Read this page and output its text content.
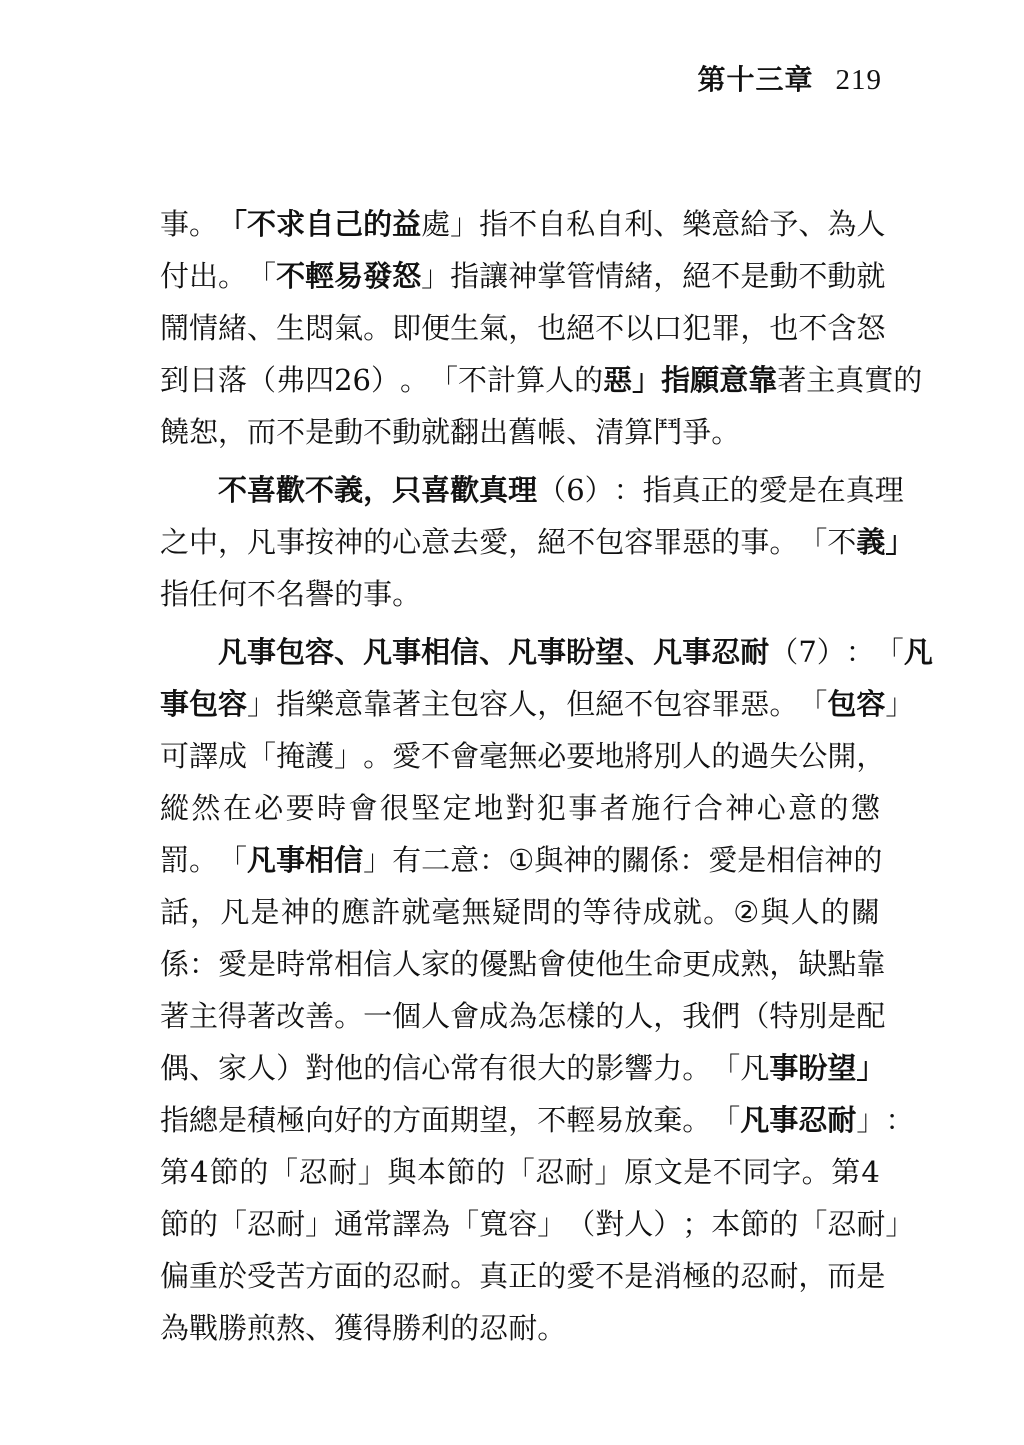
第十三章 219
事 。 「 不 求 自 己 的 益 處 」 指 不 自 私 自 利 、 樂 意 給 予 、 為 人
付 出 。 「 不 輕 易 發 怒 」 指 讓 神 掌 管 情 緒 ， 絕 不 是 動 不 動 就
鬧 情 緒 、 生 悶 氣 。 即 便 生 氣 ， 也 絕 不 以 口 犯 罪 ， 也 不 含 怒
到 日 落 （ 弗 四 2 6 ） 。 「 不 計 算 人 的 惡 」 指 願 意 靠 著 主 真 實 的
饒 恕 ， 而 不 是 動 不 動 就 翻 出 舊 帳 、 清 算 鬥 爭 。
不 喜 歡 不 義 ， 只 喜 歡 真 理 （ 6 ） ： 指 真 正 的 愛 是 在 真 理
之 中 ， 凡 事 按 神 的 心 意 去 愛 ， 絕 不 包 容 罪 惡 的 事 。 「 不 義 」
指 任 何 不 名 譽 的 事 。
凡 事 包 容 、 凡 事 相 信 、 凡 事 盼 望 、 凡 事 忍 耐 （ 7 ） ： 「 凡
事 包 容 」 指 樂 意 靠 著 主 包 容 人 ， 但 絕 不 包 容 罪 惡 。 「 包 容 」
可 譯 成 「 掩 護 」 。 愛 不 會 毫 無 必 要 地 將 別 人 的 過 失 公 開 ，
縱 然 在 必 要 時 會 很 堅 定 地 對 犯 事 者 施 行 合 神 心 意 的 懲
罰 。 「 凡 事 相 信 」 有 二 意 ： ① 與 神 的 關 係 ： 愛 是 相 信 神 的
話 ， 凡 是 神 的 應 許 就 毫 無 疑 問 的 等 待 成 就 。 ② 與 人 的 關
係 ： 愛 是 時 常 相 信 人 家 的 優 點 會 使 他 生 命 更 成 熟 ， 缺 點 靠
著 主 得 著 改 善 。 一 個 人 會 成 為 怎 樣 的 人 ， 我 們 （ 特 別 是 配
偶 、 家 人 ） 對 他 的 信 心 常 有 很 大 的 影 響 力 。 「 凡 事 盼 望 」
指 總 是 積 極 向 好 的 方 面 期 望 ， 不 輕 易 放 棄 。 「 凡 事 忍 耐 」 ：
第 4 節 的 「 忍 耐 」 與 本 節 的 「 忍 耐 」 原 文 是 不 同 字 。 第 4
節 的 「 忍 耐 」 通 常 譯 為 「 寬 容 」 （ 對 人 ） ； 本 節 的 「 忍 耐 」
偏 重 於 受 苦 方 面 的 忍 耐 。 真 正 的 愛 不 是 消 極 的 忍 耐 ， 而 是
為 戰 勝 煎 熬 、 獲 得 勝 利 的 忍 耐 。
